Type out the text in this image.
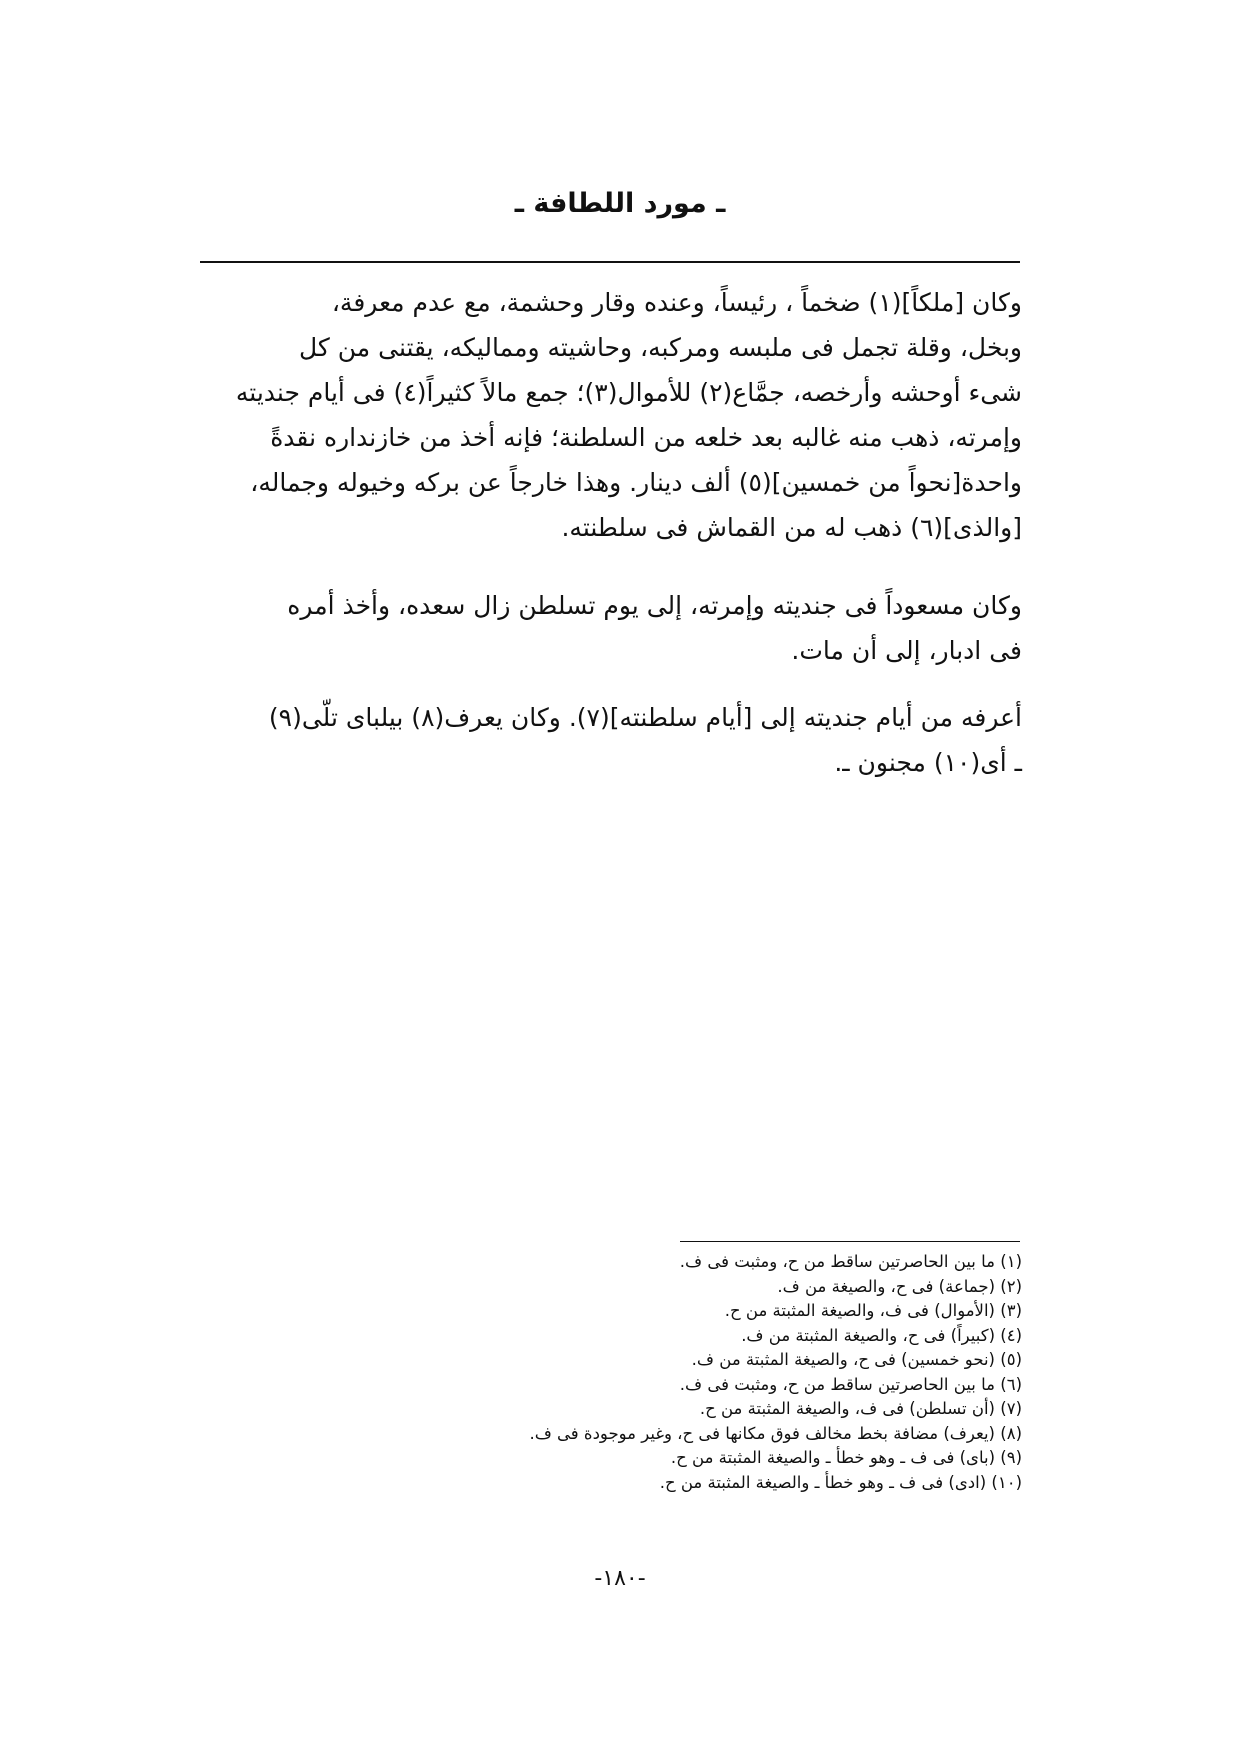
ـ مورد اللطافة ـ

وكان [ملكاً](١) ضخماً ، رئيساً، وعنده وقار وحشمة، مع عدم معرفة،
وبخل، وقلة تجمل فى ملبسه ومركبه، وحاشيته ومماليكه، يقتنى من كل
شىء أوحشه وأرخصه، جمَّاع(٢) للأموال(٣)؛ جمع مالاً كثيراً(٤) فى أيام جنديته
وإمرته، ذهب منه غالبه بعد خلعه من السلطنة؛ فإنه أخذ من خازنداره نقدةً
واحدة[نحواً من خمسين](٥) ألف دينار. وهذا خارجاً عن بركه وخيوله وجماله،
[والذى](٦) ذهب له من القماش فى سلطنته.

وكان مسعوداً فى جنديته وإمرته، إلى يوم تسلطن زال سعده، وأخذ أمره
فى ادبار، إلى أن مات.

أعرفه من أيام جنديته إلى [أيام سلطنته](٧). وكان يعرف(٨) بيلباى تلّى(٩)
ـ أى(١٠) مجنون ـ.

(١) ما بين الحاصرتين ساقط من ح، ومثبت فى ف.
(٢) (جماعة) فى ح، والصيغة من ف.
(٣) (الأموال) فى ف، والصيغة المثبتة من ح.
(٤) (كبيراً) فى ح، والصيغة المثبتة من ف.
(٥) (نحو خمسين) فى ح، والصيغة المثبتة من ف.
(٦) ما بين الحاصرتين ساقط من ح، ومثبت فى ف.
(٧) (أن تسلطن) فى ف، والصيغة المثبتة من ح.
(٨) (يعرف) مضافة بخط مخالف فوق مكانها فى ح، وغير موجودة فى ف.
(٩) (باى) فى ف ـ وهو خطأ ـ والصيغة المثبتة من ح.
(١٠) (ادى) فى ف ـ وهو خطأ ـ والصيغة المثبتة من ح.
-١٨٠-
